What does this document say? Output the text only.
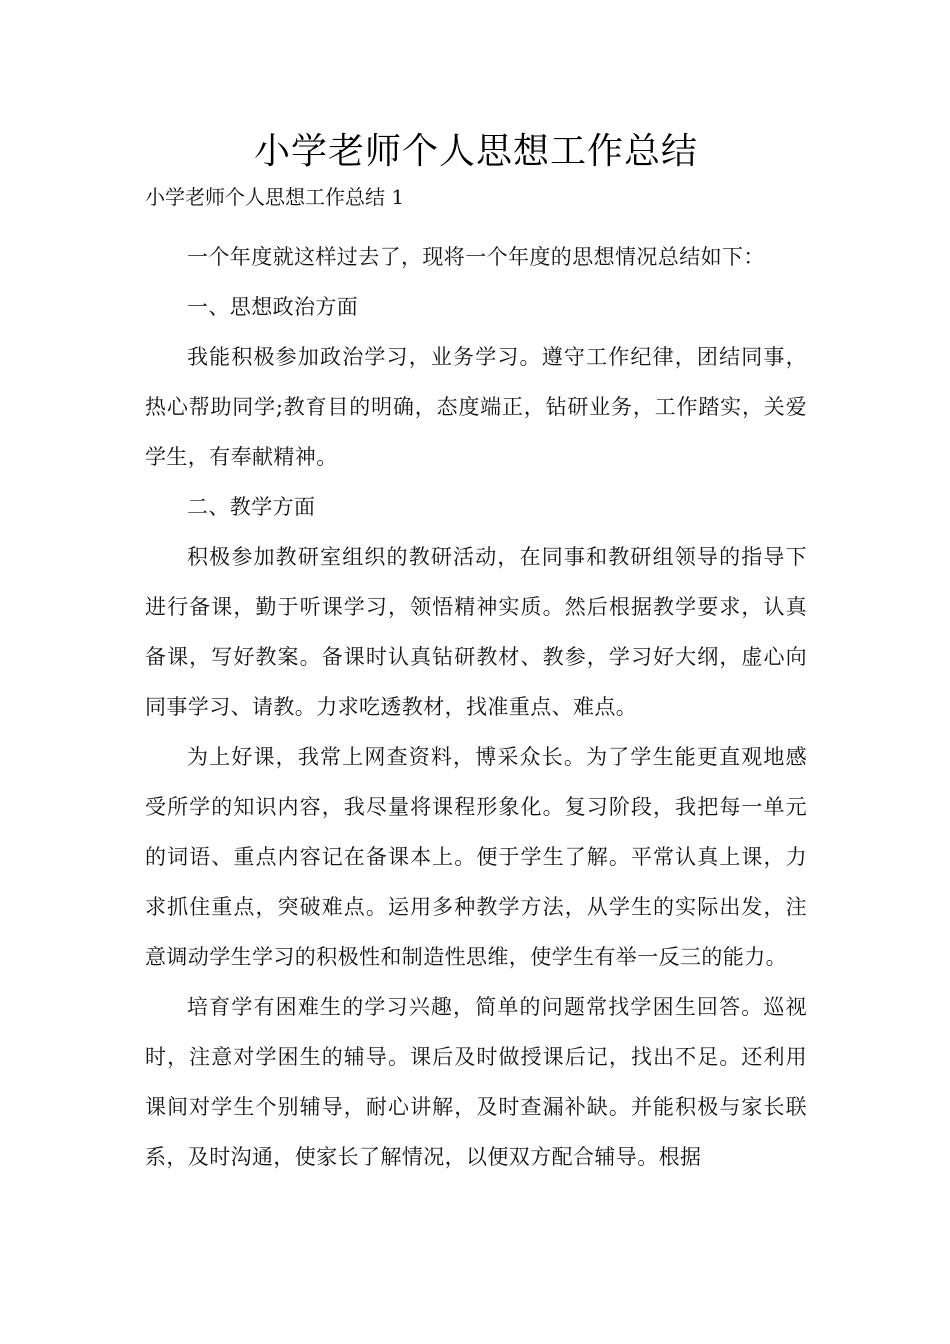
小学老师个人思想工作总结
小学老师个人思想工作总结 1

一个年度就这样过去了，现将一个年度的思想情况总结如下：

一、思想政治方面

我能积极参加政治学习，业务学习。遵守工作纪律，团结同事，热心帮助同学;教育目的明确，态度端正，钻研业务，工作踏实，关爱学生，有奉献精神。

二、教学方面

积极参加教研室组织的教研活动，在同事和教研组领导的指导下进行备课，勤于听课学习，领悟精神实质。然后根据教学要求，认真备课，写好教案。备课时认真钻研教材、教参，学习好大纲，虚心向同事学习、请教。力求吃透教材，找准重点、难点。

为上好课，我常上网查资料，博采众长。为了学生能更直观地感受所学的知识内容，我尽量将课程形象化。复习阶段，我把每一单元的词语、重点内容记在备课本上。便于学生了解。平常认真上课，力求抓住重点，突破难点。运用多种教学方法，从学生的实际出发，注意调动学生学习的积极性和制造性思维，使学生有举一反三的能力。

培育学有困难生的学习兴趣，简单的问题常找学困生回答。巡视时，注意对学困生的辅导。课后及时做授课后记，找出不足。还利用课间对学生个别辅导，耐心讲解，及时查漏补缺。并能积极与家长联系，及时沟通，使家长了解情况，以便双方配合辅导。根据
